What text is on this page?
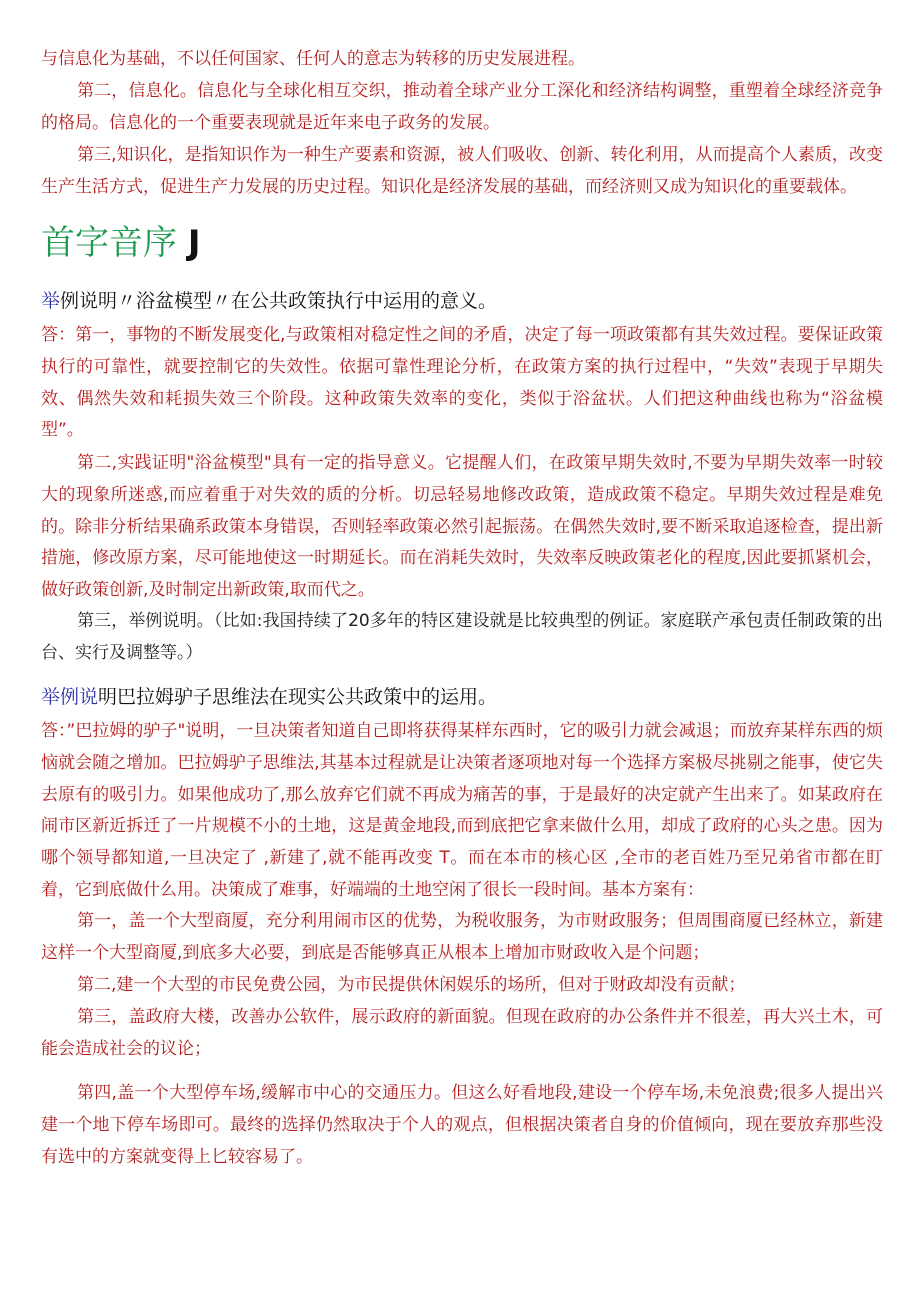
与信息化为基础，不以任何国家、任何人的意志为转移的历史发展进程。

第二，信息化。信息化与全球化相互交织，推动着全球产业分工深化和经济结构调整，重塑着全球经济竞争的格局。信息化的一个重要表现就是近年来电子政务的发展。

第三,知识化，是指知识作为一种生产要素和资源，被人们吸收、创新、转化利用，从而提高个人素质，改变生产生活方式，促进生产力发展的历史过程。知识化是经济发展的基础，而经济则又成为知识化的重要载体。

首字音序 J
举例说明〃浴盆模型〃在公共政策执行中运用的意义。

答：第一，事物的不断发展变化,与政策相对稳定性之间的矛盾，决定了每一项政策都有其失效过程。要保证政策执行的可靠性，就要控制它的失效性。依据可靠性理论分析，在政策方案的执行过程中，“失效”表现于早期失效、偶然失效和耗损失效三个阶段。这种政策失效率的变化，类似于浴盆状。人们把这种曲线也称为“浴盆模型”。

第二,实践证明"浴盆模型"具有一定的指导意义。它提醒人们，在政策早期失效时,不要为早期失效率一时较大的现象所迷惑,而应着重于对失效的质的分析。切忌轻易地修改政策，造成政策不稳定。早期失效过程是难免的。除非分析结果确系政策本身错误，否则轻率政策必然引起振荡。在偶然失效时,要不断采取追逐检查，提出新措施，修改原方案，尽可能地使这一时期延长。而在消耗失效时，失效率反映政策老化的程度,因此要抓紧机会，做好政策创新,及时制定出新政策,取而代之。

第三，举例说明。（比如:我国持续了20多年的特区建设就是比较典型的例证。家庭联产承包责任制政策的出台、实行及调整等。）

举例说明巴拉姆驴子思维法在现实公共政策中的运用。

答：”巴拉姆的驴子"说明，一旦决策者知道自己即将获得某样东西时，它的吸引力就会减退；而放弃某样东西的烦恼就会随之增加。巴拉姆驴子思维法,其基本过程就是让决策者逐项地对每一个选择方案极尽挑剔之能事，使它失去原有的吸引力。如果他成功了,那么放弃它们就不再成为痛苦的事，于是最好的决定就产生出来了。如某政府在闹市区新近拆迁了一片规模不小的土地，这是黄金地段,而到底把它拿来做什么用，却成了政府的心头之患。因为哪个领导都知道,一旦决定了 ,新建了,就不能再改变 T。而在本市的核心区 ,全市的老百姓乃至兄弟省市都在盯着，它到底做什么用。决策成了难事，好端端的土地空闲了很长一段时间。基本方案有：

第一，盖一个大型商厦，充分利用闹市区的优势，为税收服务，为市财政服务；但周围商厦已经林立，新建这样一个大型商厦,到底多大必要，到底是否能够真正从根本上增加市财政收入是个问题；

第二,建一个大型的市民免费公园，为市民提供休闲娱乐的场所，但对于财政却没有贡献；

第三，盖政府大楼，改善办公软件，展示政府的新面貌。但现在政府的办公条件并不很差，再大兴土木，可能会造成社会的议论；

第四,盖一个大型停车场,缓解市中心的交通压力。但这么好看地段,建设一个停车场,未免浪费;很多人提出兴建一个地下停车场即可。最终的选择仍然取决于个人的观点，但根据决策者自身的价值倾向，现在要放弃那些没有选中的方案就变得上匕较容易了。
